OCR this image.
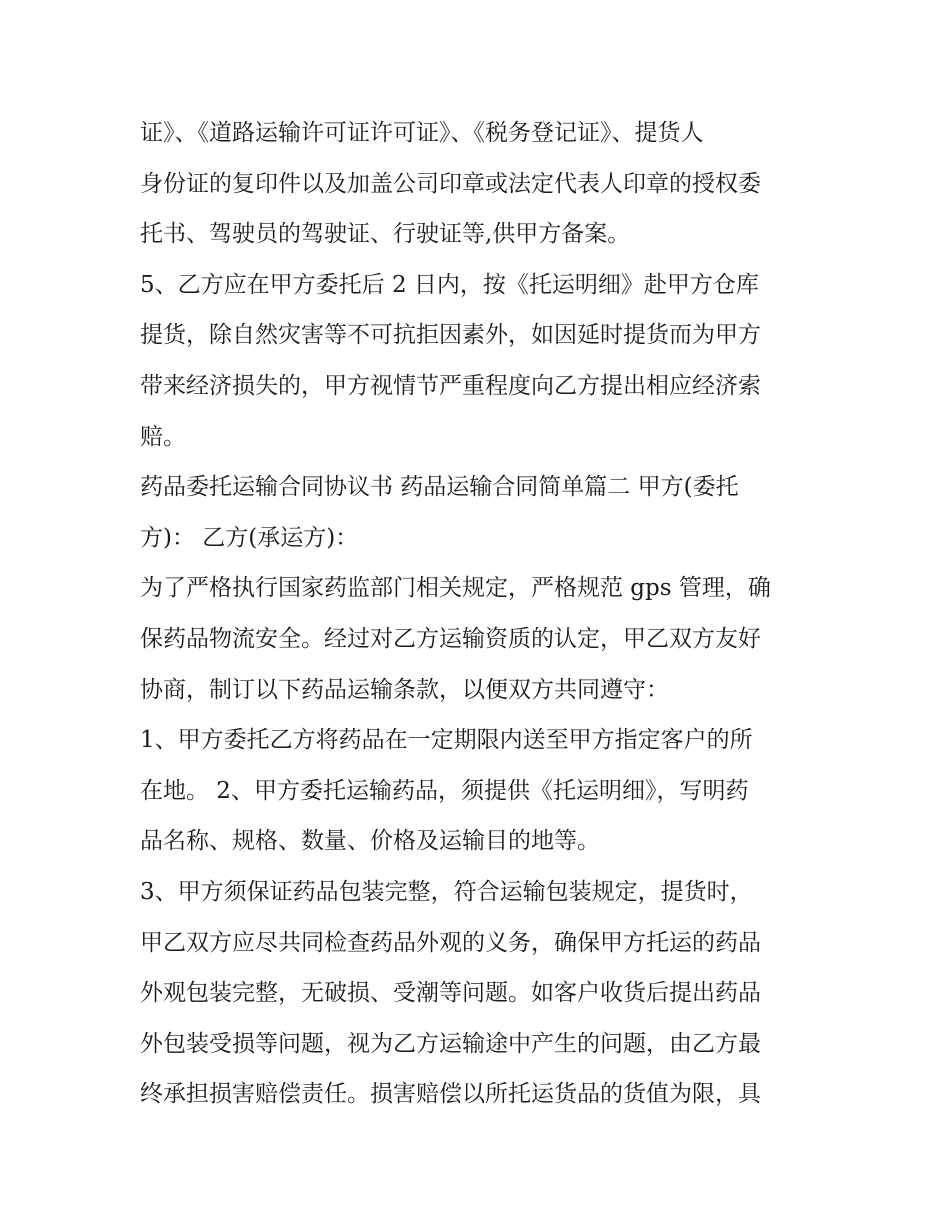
证》、《道路运输许可证许可证》、《税务登记证》、提货人
身份证的复印件以及加盖公司印章或法定代表人印章的授权委
托书、驾驶员的驾驶证、行驶证等,供甲方备案。
5、乙方应在甲方委托后 2 日内，按《托运明细》赴甲方仓库
提货，除自然灾害等不可抗拒因素外，如因延时提货而为甲方
带来经济损失的，甲方视情节严重程度向乙方提出相应经济索
赔。
药品委托运输合同协议书 药品运输合同简单篇二 甲方(委托
方)： 乙方(承运方)：
为了严格执行国家药监部门相关规定，严格规范 gps 管理，确
保药品物流安全。经过对乙方运输资质的认定，甲乙双方友好
协商，制订以下药品运输条款，以便双方共同遵守：
1、甲方委托乙方将药品在一定期限内送至甲方指定客户的所
在地。 2、甲方委托运输药品，须提供《托运明细》，写明药
品名称、规格、数量、价格及运输目的地等。
3、甲方须保证药品包装完整，符合运输包装规定，提货时，
甲乙双方应尽共同检查药品外观的义务，确保甲方托运的药品
外观包装完整，无破损、受潮等问题。如客户收货后提出药品
外包装受损等问题，视为乙方运输途中产生的问题，由乙方最
终承担损害赔偿责任。损害赔偿以所托运货品的货值为限，具
